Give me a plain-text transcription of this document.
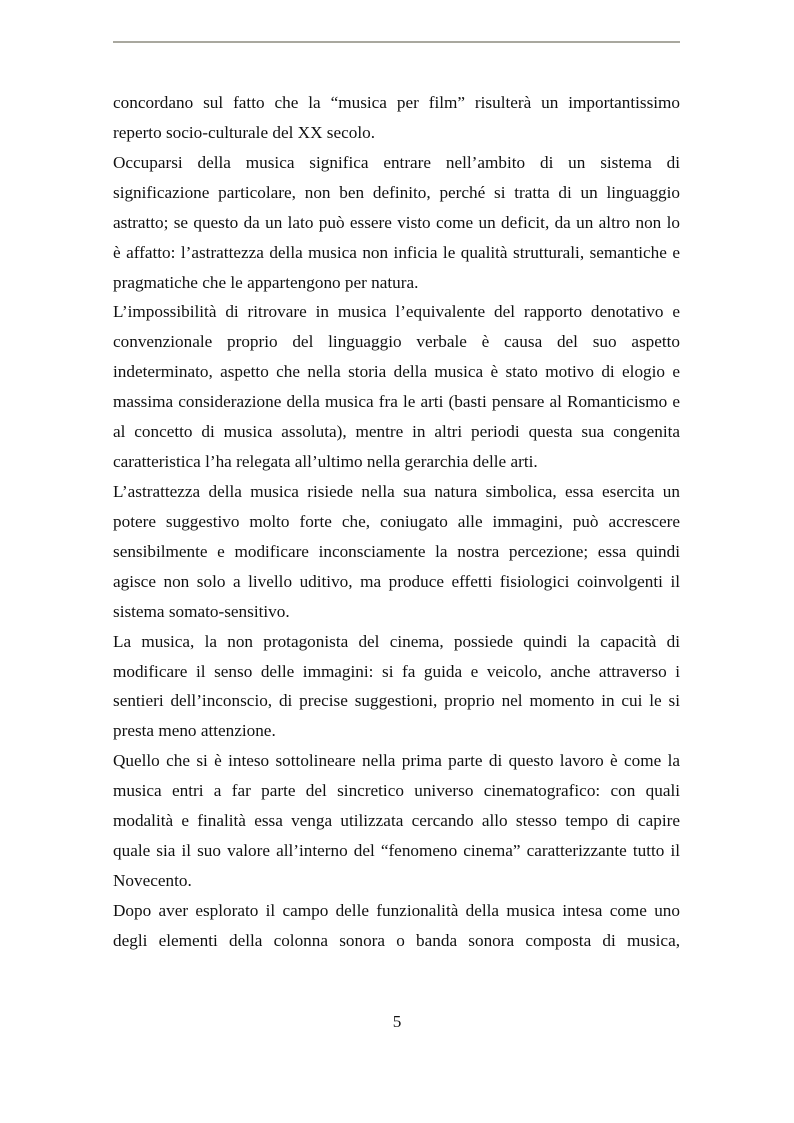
concordano sul fatto che la “musica per film” risulterà un importantissimo
reperto socio-culturale del XX secolo.
Occuparsi della musica significa entrare nell’ambito di un sistema di
significazione particolare, non ben definito, perché si tratta di un linguaggio
astratto; se questo da un lato può essere visto come un deficit, da un altro non lo
è affatto: l’astrattezza della musica non inficia le qualità strutturali, semantiche e
pragmatiche che le appartengono per natura.
L’impossibilità di ritrovare in musica l’equivalente del rapporto denotativo e
convenzionale proprio del linguaggio verbale è causa del suo aspetto
indeterminato, aspetto che nella storia della musica è stato motivo di elogio e
massima considerazione della musica fra le arti (basti pensare al Romanticismo e
al concetto di musica assoluta), mentre in altri periodi questa sua congenita
caratteristica l’ha relegata all’ultimo nella gerarchia delle arti.
L’astrattezza della musica risiede nella sua natura simbolica, essa esercita un
potere suggestivo molto forte che, coniugato alle immagini, può accrescere
sensibilmente e modificare inconsciamente la nostra percezione; essa quindi
agisce non solo a livello uditivo, ma produce effetti fisiologici coinvolgenti il
sistema somato-sensitivo.
La musica, la non protagonista del cinema, possiede quindi la capacità di
modificare il senso delle immagini: si fa guida e veicolo, anche attraverso i
sentieri dell’inconscio, di precise suggestioni, proprio nel momento in cui le si
presta meno attenzione.
Quello che si è inteso sottolineare nella prima parte di questo lavoro è come la
musica entri a far parte del sincretico universo cinematografico: con quali
modalità e finalità essa venga utilizzata cercando allo stesso tempo di capire
quale sia il suo valore all’interno del “fenomeno cinema” caratterizzante tutto il
Novecento.
Dopo aver esplorato il campo delle funzionalità della musica intesa come uno
degli elementi della colonna sonora o banda sonora composta di musica,
5
